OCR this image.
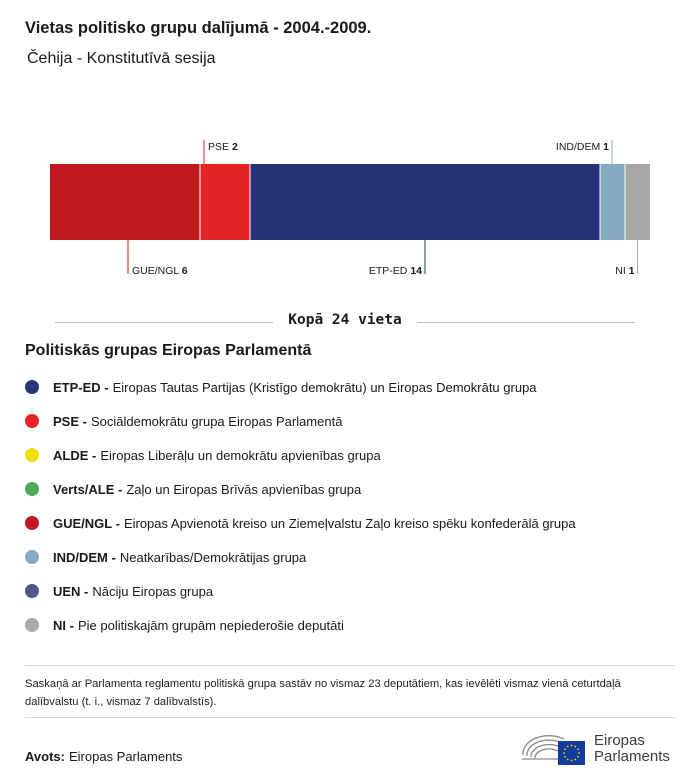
Vietas politisko grupu dalījumā - 2004.-2009.
Čehija - Konstitutīvā sesija
GUE/NGL 6
PSE 2
ETP-ED 14
IND/DEM 1
NI 1
Kopā 24 vieta
Politiskās grupas Eiropas Parlamentā
ETP-ED - Eiropas Tautas Partijas (Kristīgo demokrātu) un Eiropas Demokrātu grupa
PSE - Sociāldemokrātu grupa Eiropas Parlamentā
ALDE - Eiropas Liberāļu un demokrātu apvienības grupa
Verts/ALE - Zaļo un Eiropas Brīvās apvienības grupa
GUE/NGL - Eiropas Apvienotā kreiso un Ziemeļvalstu Zaļo kreiso spēku konfederālā grupa
IND/DEM - Neatkarības/Demokrātijas grupa
UEN - Nāciju Eiropas grupa
NI - Pie politiskajām grupām nepiederošie deputāti
Saskaņā ar Parlamenta reglamentu politiskā grupa sastāv no vismaz 23 deputātiem, kas ievēlēti vismaz vienā ceturtdaļā dalībvalstu (t. i., vismaz 7 dalībvalstīs).
Avots: Eiropas Parlaments
Eiropas
Parlaments
